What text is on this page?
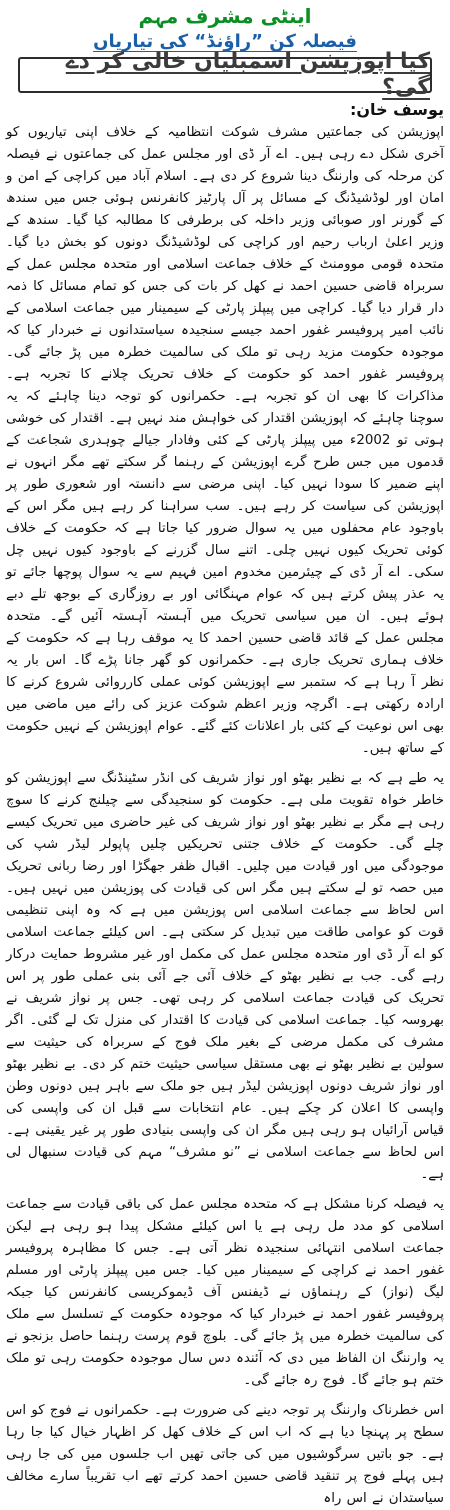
اینٹی مشرف مہم
فیصلہ کن ”راؤنڈ“ کی تیاریاں
کیا اپوزیشن اسمبلیاں خالی کر دے گی؟
یوسف خان:

اپوزیشن کی جماعتیں مشرف شوکت انتظامیہ کے خلاف اپنی تیاریوں کو آخری شکل دے رہی ہیں۔ اے آر ڈی اور مجلس عمل کی جماعتوں نے فیصلہ کن مرحلہ کی وارننگ دینا شروع کر دی ہے۔ اسلام آباد میں کراچی کے امن و امان اور لوڈشیڈنگ کے مسائل پر آل پارٹیز کانفرنس ہوئی جس میں سندھ کے گورنر اور صوبائی وزیر داخلہ کی برطرفی کا مطالبہ کیا گیا۔ سندھ کے وزیر اعلیٰ ارباب رحیم اور کراچی کی لوڈشیڈنگ دونوں کو بخش دیا گیا۔ متحدہ قومی موومنٹ کے خلاف جماعت اسلامی اور متحدہ مجلس عمل کے سربراہ قاضی حسین احمد نے کھل کر بات کی جس کو تمام مسائل کا ذمہ دار قرار دیا گیا۔ کراچی میں پیپلز پارٹی کے سیمینار میں جماعت اسلامی کے نائب امیر پروفیسر غفور احمد جیسے سنجیدہ سیاستدانوں نے خبردار کیا کہ موجودہ حکومت مزید رہی تو ملک کی سالمیت خطرہ میں پڑ جائے گی۔ پروفیسر غفور احمد کو حکومت کے خلاف تحریک چلانے کا تجربہ ہے۔ مذاکرات کا بھی ان کو تجربہ ہے۔ حکمرانوں کو توجہ دینا چاہئے کہ یہ سوچنا چاہئے کہ اپوزیشن اقتدار کی خواہش مند نہیں ہے۔ اقتدار کی خوشی ہوتی تو 2002ء میں پیپلز پارٹی کے کئی وفادار جیالے چوہدری شجاعت کے قدموں میں جس طرح گرے اپوزیشن کے رہنما گر سکتے تھے مگر انہوں نے اپنے ضمیر کا سودا نہیں کیا۔ اپنی مرضی سے دانستہ اور شعوری طور پر اپوزیشن کی سیاست کر رہے ہیں۔ سب سراہنا کر رہے ہیں مگر اس کے باوجود عام محفلوں میں یہ سوال ضرور کیا جاتا ہے کہ حکومت کے خلاف کوئی تحریک کیوں نہیں چلی۔ اتنے سال گزرنے کے باوجود کیوں نہیں چل سکی۔ اے آر ڈی کے چیئرمین مخدوم امین فہیم سے یہ سوال پوچھا جائے تو یہ عذر پیش کرتے ہیں کہ عوام مہنگائی اور بے روزگاری کے بوجھ تلے دبے ہوئے ہیں۔ ان میں سیاسی تحریک میں آہستہ آہستہ آئیں گے۔ متحدہ مجلس عمل کے قائد قاضی حسین احمد کا یہ موقف رہا ہے کہ حکومت کے خلاف ہماری تحریک جاری ہے۔ حکمرانوں کو گھر جانا پڑے گا۔ اس بار یہ نظر آ رہا ہے کہ ستمبر سے اپوزیشن کوئی عملی کارروائی شروع کرنے کا ارادہ رکھتی ہے۔ اگرچہ وزیر اعظم شوکت عزیز کی رائے میں ماضی میں بھی اس نوعیت کے کئی بار اعلانات کئے گئے۔ عوام اپوزیشن کے نہیں حکومت کے ساتھ ہیں۔

یہ طے ہے کہ بے نظیر بھٹو اور نواز شریف کی انڈر سٹینڈنگ سے اپوزیشن کو خاطر خواہ تقویت ملی ہے۔ حکومت کو سنجیدگی سے چیلنج کرنے کا سوچ رہی ہے مگر بے نظیر بھٹو اور نواز شریف کی غیر حاضری میں تحریک کیسے چلے گی۔ حکومت کے خلاف جتنی تحریکیں چلیں پاپولر لیڈر شپ کی موجودگی میں اور قیادت میں چلیں۔ اقبال ظفر جھگڑا اور رضا ربانی تحریک میں حصہ تو لے سکتے ہیں مگر اس کی قیادت کی پوزیشن میں نہیں ہیں۔ اس لحاظ سے جماعت اسلامی اس پوزیشن میں ہے کہ وہ اپنی تنظیمی قوت کو عوامی طاقت میں تبدیل کر سکتی ہے۔ اس کیلئے جماعت اسلامی کو اے آر ڈی اور متحدہ مجلس عمل کی مکمل اور غیر مشروط حمایت درکار رہے گی۔ جب بے نظیر بھٹو کے خلاف آئی جے آئی بنی عملی طور پر اس تحریک کی قیادت جماعت اسلامی کر رہی تھی۔ جس پر نواز شریف نے بھروسہ کیا۔ جماعت اسلامی کی قیادت کا اقتدار کی منزل تک لے گئی۔ اگر مشرف کی مکمل مرضی کے بغیر ملک فوج کے سربراہ کی حیثیت سے سولین بے نظیر بھٹو نے بھی مستقل سیاسی حیثیت ختم کر دی۔ بے نظیر بھٹو اور نواز شریف دونوں اپوزیشن لیڈر ہیں جو ملک سے باہر ہیں دونوں وطن واپسی کا اعلان کر چکے ہیں۔ عام انتخابات سے قبل ان کی واپسی کی قیاس آرائیاں ہو رہی ہیں مگر ان کی واپسی بنیادی طور پر غیر یقینی ہے۔ اس لحاظ سے جماعت اسلامی نے ”نو مشرف“ مہم کی قیادت سنبھال لی ہے۔

یہ فیصلہ کرنا مشکل ہے کہ متحدہ مجلس عمل کی باقی قیادت سے جماعت اسلامی کو مدد مل رہی ہے یا اس کیلئے مشکل پیدا ہو رہی ہے لیکن جماعت اسلامی انتہائی سنجیدہ نظر آتی ہے۔ جس کا مظاہرہ پروفیسر غفور احمد نے کراچی کے سیمینار میں کیا۔ جس میں پیپلز پارٹی اور مسلم لیگ (نواز) کے رہنماؤں نے ڈیفنس آف ڈیموکریسی کانفرنس کیا جبکہ پروفیسر غفور احمد نے خبردار کیا کہ موجودہ حکومت کے تسلسل سے ملک کی سالمیت خطرہ میں پڑ جائے گی۔ بلوچ قوم پرست رہنما حاصل بزنجو نے یہ وارننگ ان الفاظ میں دی کہ آئندہ دس سال موجودہ حکومت رہی تو ملک ختم ہو جائے گا۔ فوج رہ جائے گی۔

اس خطرناک وارننگ پر توجہ دینے کی ضرورت ہے۔ حکمرانوں نے فوج کو اس سطح پر پہنچا دیا ہے کہ اب اس کے خلاف کھل کر اظہار خیال کیا جا رہا ہے۔ جو باتیں سرگوشیوں میں کی جاتی تھیں اب جلسوں میں کی جا رہی ہیں پہلے فوج پر تنقید قاضی حسین احمد کرتے تھے اب تقریباً سارے مخالف سیاستدان نے اس راہ
